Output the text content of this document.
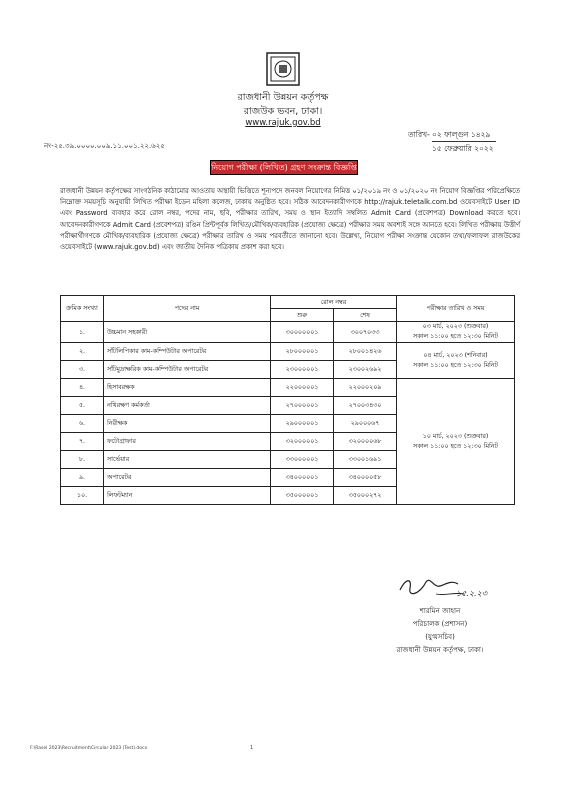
রাজধানী উন্নয়ন কর্তৃপক্ষ
রাজউক ভবন, ঢাকা।
www.rajuk.gov.bd
নং-২৫.৩৯.০০০০.০০৯.১১.০০১.২২.৬২৫
তারিখ- ০২ ফাল্গুন ১৪২৯
১৫ ফেব্রুয়ারি ২০২২
নিয়োগ পরীক্ষা (লিখিত) গ্রহণ সংক্রান্ত বিজ্ঞপ্তি
রাজধানী উন্নয়ন কর্তৃপক্ষের সাংগঠনিক কাঠামোর আওতায় অস্থায়ী ভিত্তিতে শূন্যপদে জনবল নিয়োগের নিমিত্ত ০১/২০১৯ নং ও ০১/২০২০ নং নিয়োগ বিজ্ঞপ্তির পরিপ্রেক্ষিতে নিম্নোক্ত সময়সূচি অনুযায়ী লিখিত পরীক্ষা ইডেন মহিলা কলেজ, ঢাকায় অনুষ্ঠিত হবে। সঠিক আবেদনকারীগণকে http://rajuk.teletalk.com.bd ওয়েবসাইটে User ID এবং Password ব্যবহার করে রোল নম্বর, পদের নাম, ছবি, পরীক্ষার তারিখ, সময় ও স্থান ইত্যাদি সম্বলিত Admit Card (প্রবেশপত্র) Download করতে হবে। আবেদনকারীগণকে Admit Card (প্রবেশপত্র) রঙিন প্রিন্টপূর্বক লিখিত/মৌখিক/ব্যবহারিক (প্রযোজ্য ক্ষেত্রে) পরীক্ষার সময় অবশ্যই সঙ্গে আনতে হবে। লিখিত পরীক্ষায় উত্তীর্ণ পরীক্ষার্থীগণকে মৌখিক/ব্যবহারিক (প্রযোজ্য ক্ষেত্রে) পরীক্ষার তারিখ ও সময় পরবর্তীতে জানানো হবে। উল্লেখ্য, নিয়োগ পরীক্ষা সংক্রান্ত যেকোন তথ্য/ফলাফল রাজউকের ওয়েবসাইটে (www.rajuk.gov.bd) এবং জাতীয় দৈনিক পত্রিকায় প্রকাশ করা হবে।
ক্রমিক সংখ্যা	পদের নাম	রোল নম্বর		পরীক্ষার তারিখ ও সময়
		শুরু	শেষ	
১.	উচ্চমান সহকারী	৩০০০০০০১	৩০০৭০৩৩	০৩ মার্চ, ২০২৩ (শুক্রবার)
সকাল ১১:০০ হতে ১২:৩০ মিনিট

২.	সাঁটলিপিকার কাম-কম্পিউটার অপারেটর	২৮০০০০০১	২৮০০১৪২৬	০৪ মার্চ, ২০২৩ (শনিবার)
সকাল ১১:০০ হতে ১২:৩০ মিনিট

৩.	সাঁটমুদ্রাক্ষরিক কাম-কম্পিউটার অপারেটর	২৩০০০০০১	২৩০০২৬৯২	
৪.	হিসাবরক্ষক	২২০০০০০১	২২০০০২০৯	১০ মার্চ, ২০২৩ (শুক্রবার)
সকাল ১১:০০ হতে ১২:৩০ মিনিট

৫.	নথিরক্ষণ কর্মকর্তা	২৭০০০০০১	২৭০০৩৪৩০	
৬.	নিরীক্ষক	২৯০০০০০১	২৯০০০৬৭	
৭.	ফটোগ্রাফার	৩২০০০০০১	৩২০০০০৬৮	
৮.	সার্ভেয়ার	৩৩০০০০০১	৩৩০০১৬৯১	
৯.	অপারেটর	৩৪০০০০০১	৩৪০০০০৫৮	
১০.	লিফটম্যান	৩৫০০০০০১	৩৫০০০২৭২	
১৫.২.২৩
শারমিন জাহান
পরিচালক (প্রশাসন)
(যুগ্মসচিব)
রাজধানী উন্নয়ন কর্তৃপক্ষ, ঢাকা।
F:\Rasel 2023\Recruitment\Circular 2023 (Test).docx	1
